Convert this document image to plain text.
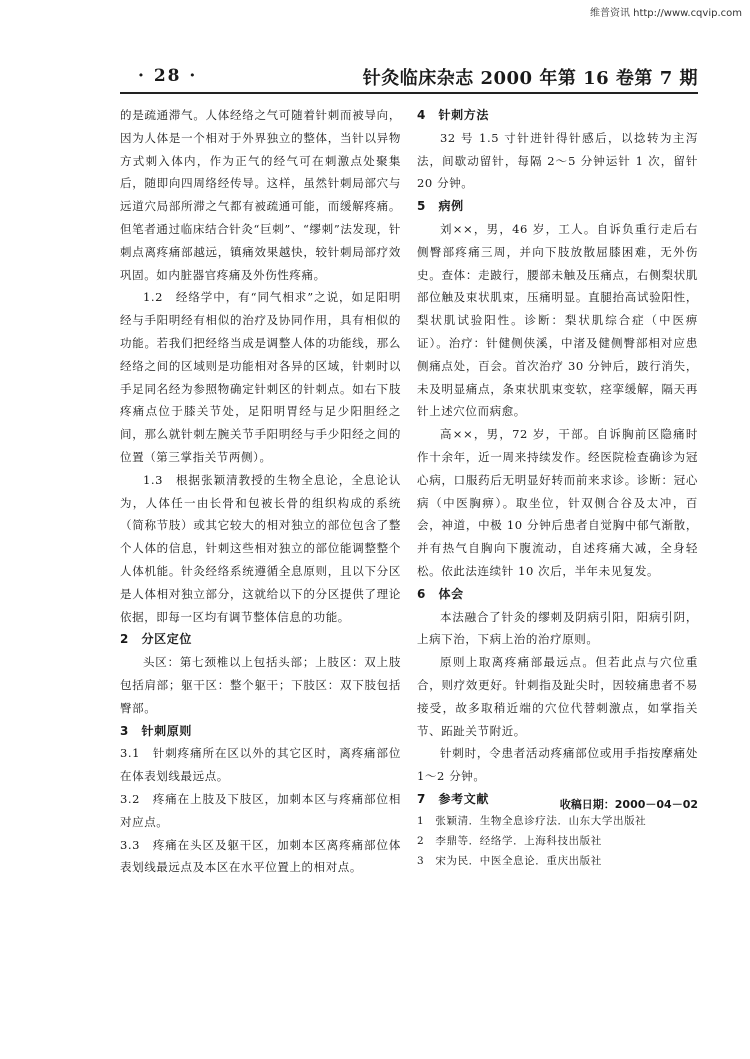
维普资讯 http://www.cqvip.com
· 28 ·	针灸临床杂志 2000 年第 16 卷第 7 期
的是疏通滞气。人体经络之气可随着针刺而被导向，因为人体是一个相对于外界独立的整体，当针以异物方式刺入体内，作为正气的经气可在刺激点处聚集后，随即向四周络经传导。这样，虽然针刺局部穴与远道穴局部所滞之气都有被疏通可能，而缓解疼痛。但笔者通过临床结合针灸“巨刺”、“缪刺”法发现，针刺点离疼痛部越远，镇痛效果越快，较针刺局部疗效巩固。如内脏器官疼痛及外伤性疼痛。
1.2　经络学中，有“同气相求”之说，如足阳明经与手阳明经有相似的治疗及协同作用，具有相似的功能。若我们把经络当成是调整人体的功能线，那么经络之间的区域则是功能相对各异的区域，针刺时以手足同名经为参照物确定针刺区的针刺点。如右下肢疼痛点位于膝关节处，足阳明胃经与足少阳胆经之间，那么就针刺左腕关节手阳明经与手少阳经之间的位置（第三掌指关节两侧）。
1.3　根据张颖清教授的生物全息论，全息论认为，人体任一由长骨和包被长骨的组织构成的系统（简称节肢）或其它较大的相对独立的部位包含了整个人体的信息，针刺这些相对独立的部位能调整整个人体机能。针灸经络系统遵循全息原则，且以下分区是人体相对独立部分，这就给以下的分区提供了理论依据，即每一区均有调节整体信息的功能。
2　分区定位
头区：第七颈椎以上包括头部；上肢区：双上肢包括肩部；躯干区：整个躯干；下肢区：双下肢包括臀部。
3　针刺原则
3.1　针刺疼痛所在区以外的其它区时，离疼痛部位在体表划线最远点。
3.2　疼痛在上肢及下肢区，加刺本区与疼痛部位相对应点。
3.3　疼痛在头区及躯干区，加刺本区离疼痛部位体表划线最远点及本区在水平位置上的相对点。
4　针刺方法
32 号 1.5 寸针进针得针感后，以捻转为主泻法，间歇动留针，每隔 2～5 分钟运针 1 次，留针 20 分钟。
5　病例
刘××，男，46 岁，工人。自诉负重行走后右侧臀部疼痛三周，并向下肢放散屈膝困难，无外伤史。查体：走跛行，腰部未触及压痛点，右侧梨状肌部位触及束状肌束，压痛明显。直腿抬高试验阳性，梨状肌试验阳性。诊断：梨状肌综合症（中医痹证）。治疗：针健侧侠溪，中渚及健侧臀部相对应患侧痛点处，百会。首次治疗 30 分钟后，跛行消失，未及明显痛点，条束状肌束变软，痉挛缓解，隔天再针上述穴位而病愈。
高××，男，72 岁，干部。自诉胸前区隐痛时作十余年，近一周来持续发作。经医院检查确诊为冠心病，口服药后无明显好转而前来求诊。诊断：冠心病（中医胸痹）。取坐位，针双侧合谷及太冲，百会，神道，中极 10 分钟后患者自觉胸中郁气渐散，并有热气自胸向下腹流动，自述疼痛大减，全身轻松。依此法连续针 10 次后，半年未见复发。
6　体会
本法融合了针灸的缪刺及阴病引阳，阳病引阴，上病下治，下病上治的治疗原则。
原则上取离疼痛部最远点。但若此点与穴位重合，则疗效更好。针刺指及趾尖时，因较痛患者不易接受，故多取稍近端的穴位代替刺激点，如掌指关节、跖趾关节附近。
针刺时，令患者活动疼痛部位或用手指按摩痛处 1～2 分钟。
7　参考文献
1　张颖清．生物全息诊疗法．山东大学出版社
2　李鼎等．经络学．上海科技出版社
3　宋为民．中医全息论．重庆出版社
收稿日期：2000－04－02
